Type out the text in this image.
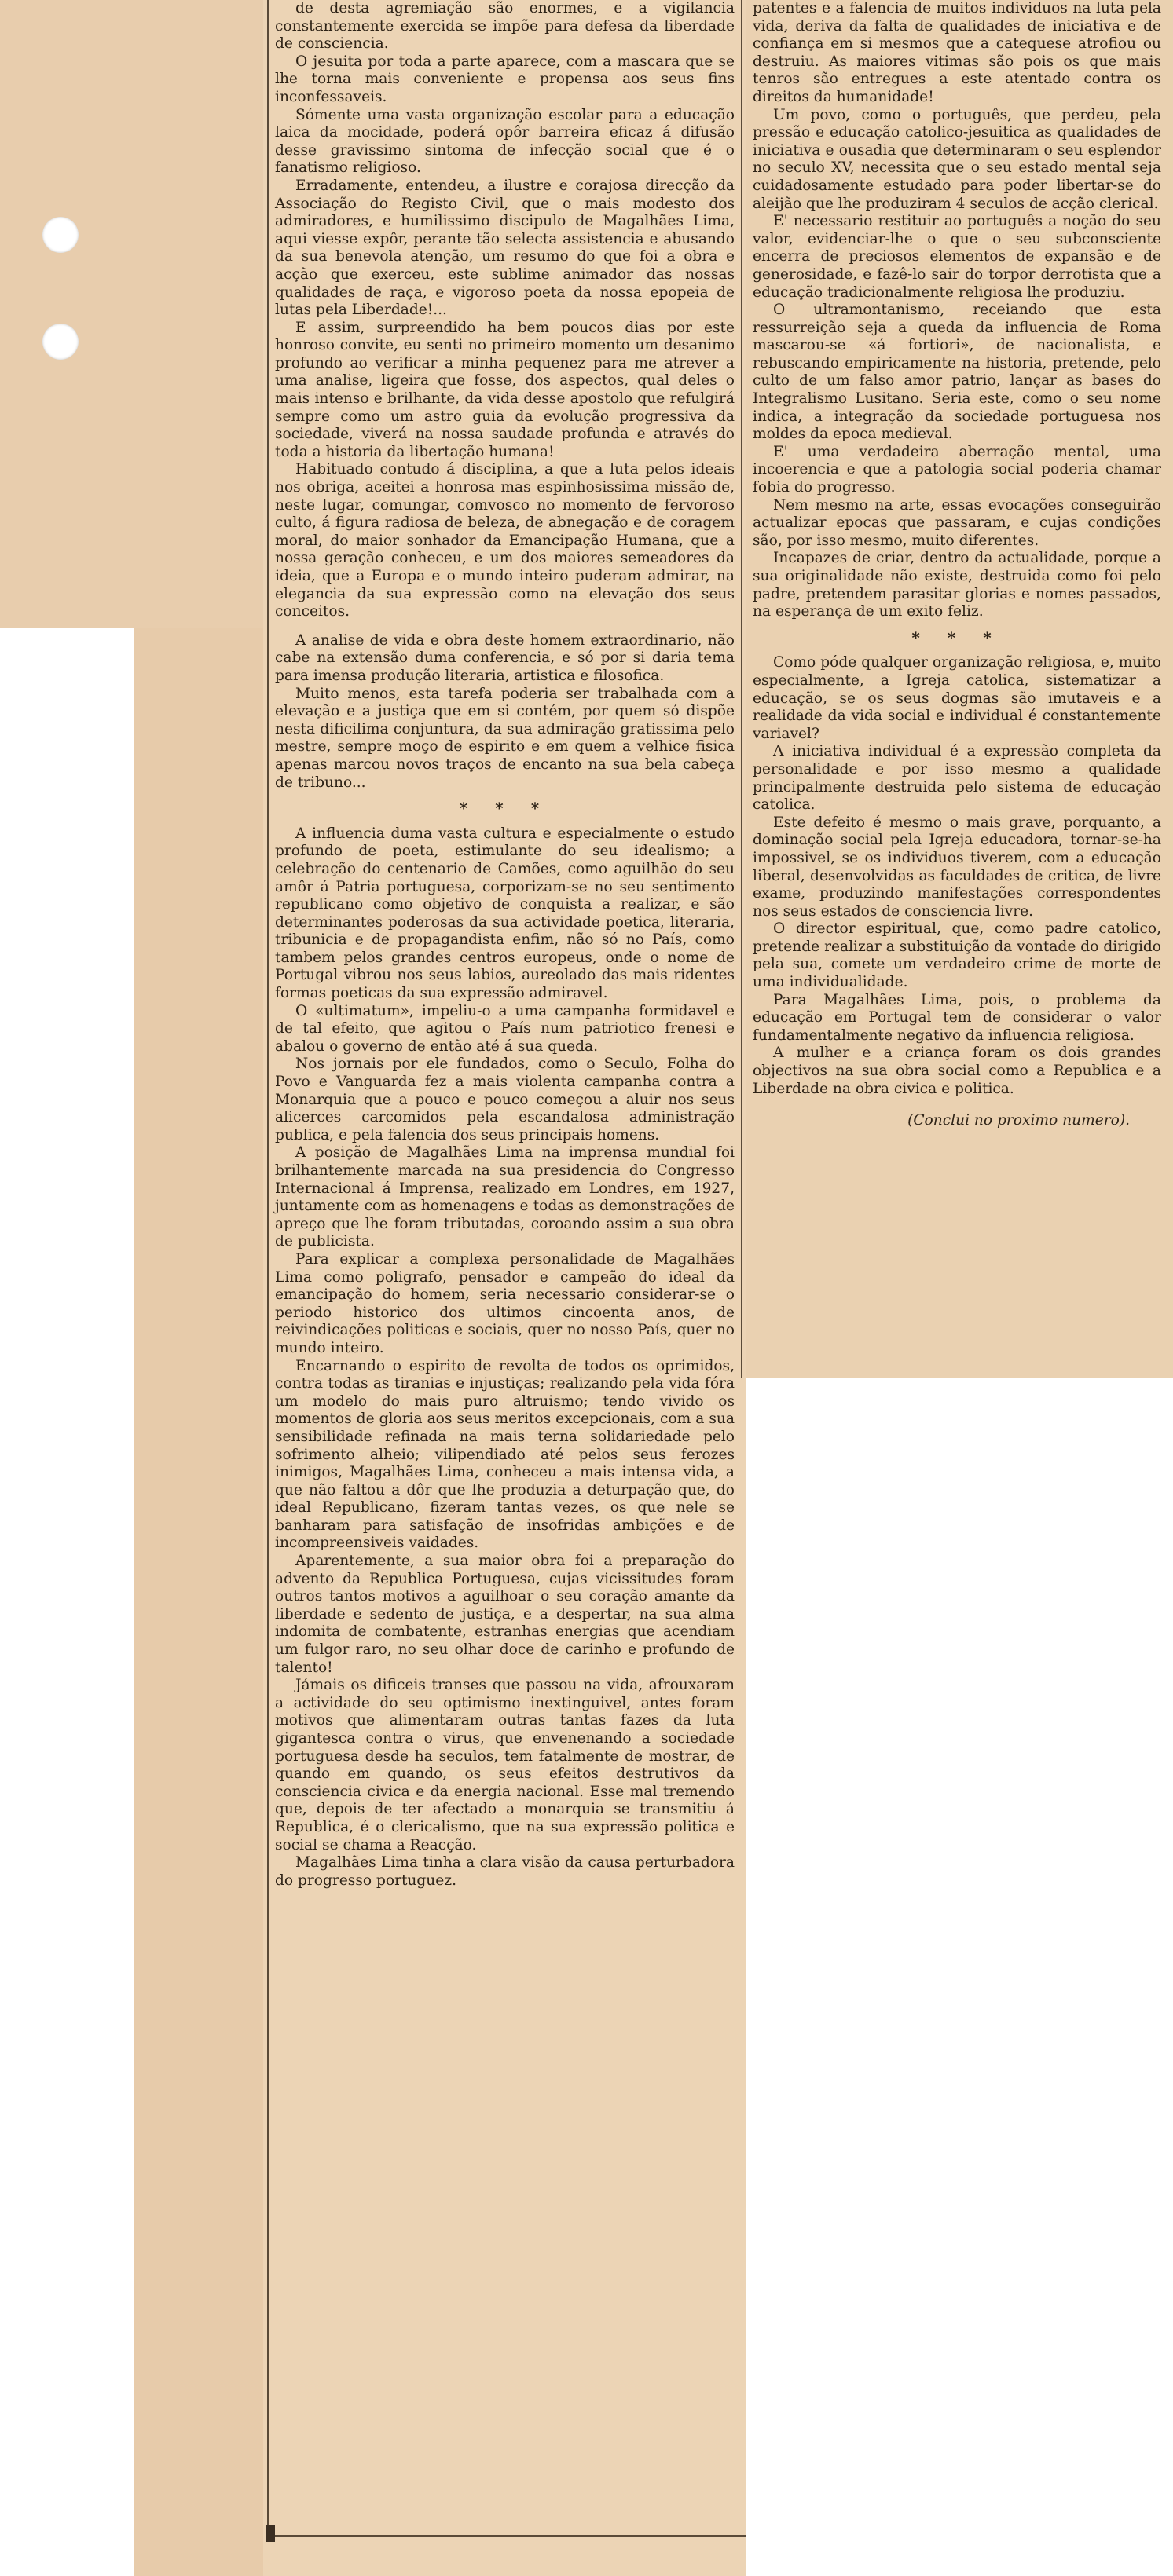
de desta agremiação são enormes, e a vigilancia constantemente exercida se impõe para defesa da liberdade de consciencia.

O jesuita por toda a parte aparece, com a mascara que se lhe torna mais conveniente e propensa aos seus fins inconfessaveis.

Sómente uma vasta organização escolar para a educação laica da mocidade, poderá opôr barreira eficaz á difusão desse gravissimo sintoma de infecção social que é o fanatismo religioso.

Erradamente, entendeu, a ilustre e corajosa direcção da Associação do Registo Civil, que o mais modesto dos admiradores, e humilissimo discipulo de Magalhães Lima, aqui viesse expôr, perante tão selecta assistencia e abusando da sua benevola atenção, um resumo do que foi a obra e acção que exerceu, este sublime animador das nossas qualidades de raça, e vigoroso poeta da nossa epopeia de lutas pela Liberdade!...

E assim, surpreendido ha bem poucos dias por este honroso convite, eu senti no primeiro momento um desanimo profundo ao verificar a minha pequenez para me atrever a uma analise, ligeira que fosse, dos aspectos, qual deles o mais intenso e brilhante, da vida desse apostolo que refulgirá sempre como um astro guia da evolução progressiva da sociedade, viverá na nossa saudade profunda e através do toda a historia da libertação humana!

Habituado contudo á disciplina, a que a luta pelos ideais nos obriga, aceitei a honrosa mas espinhosissima missão de, neste lugar, comungar, comvosco no momento de fervoroso culto, á figura radiosa de beleza, de abnegação e de coragem moral, do maior sonhador da Emancipação Humana, que a nossa geração conheceu, e um dos maiores semeadores da ideia, que a Europa e o mundo inteiro puderam admirar, na elegancia da sua expressão como na elevação dos seus conceitos.

A analise de vida e obra deste homem extraordinario, não cabe na extensão duma conferencia, e só por si daria tema para imensa produção literaria, artistica e filosofica.

Muito menos, esta tarefa poderia ser trabalhada com a elevação e a justiça que em si contém, por quem só dispõe nesta dificilima conjuntura, da sua admiração gratissima pelo mestre, sempre moço de espirito e em quem a velhice fisica apenas marcou novos traços de encanto na sua bela cabeça de tribuno...

* * *

A influencia duma vasta cultura e especialmente o estudo profundo de poeta, estimulante do seu idealismo; a celebração do centenario de Camões, como aguilhão do seu amôr á Patria portuguesa, corporizam-se no seu sentimento republicano como objetivo de conquista a realizar, e são determinantes poderosas da sua actividade poetica, literaria, tribunicia e de propagandista enfim, não só no País, como tambem pelos grandes centros europeus, onde o nome de Portugal vibrou nos seus labios, aureolado das mais ridentes formas poeticas da sua expressão admiravel.

O «ultimatum», impeliu-o a uma campanha formidavel e de tal efeito, que agitou o País num patriotico frenesi e abalou o governo de então até á sua queda.

Nos jornais por ele fundados, como o Seculo, Folha do Povo e Vanguarda fez a mais violenta campanha contra a Monarquia que a pouco e pouco começou a aluir nos seus alicerces carcomidos pela escandalosa administração publica, e pela falencia dos seus principais homens.

A posição de Magalhães Lima na imprensa mundial foi brilhantemente marcada na sua presidencia do Congresso Internacional á Imprensa, realizado em Londres, em 1927, juntamente com as homenagens e todas as demonstrações de apreço que lhe foram tributadas, coroando assim a sua obra de publicista.

Para explicar a complexa personalidade de Magalhães Lima como poligrafo, pensador e campeão do ideal da emancipação do homem, seria necessario considerar-se o periodo historico dos ultimos cincoenta anos, de reivindicações politicas e sociais, quer no nosso País, quer no mundo inteiro.

Encarnando o espirito de revolta de todos os oprimidos, contra todas as tiranias e injustiças; realizando pela vida fóra um modelo do mais puro altruismo; tendo vivido os momentos de gloria aos seus meritos excepcionais, com a sua sensibilidade refinada na mais terna solidariedade pelo sofrimento alheio; vilipendiado até pelos seus ferozes inimigos, Magalhães Lima, conheceu a mais intensa vida, a que não faltou a dôr que lhe produzia a deturpação que, do ideal Republicano, fizeram tantas vezes, os que nele se banharam para satisfação de insofridas ambições e de incompreensiveis vaidades.

Aparentemente, a sua maior obra foi a preparação do advento da Republica Portuguesa, cujas vicissitudes foram outros tantos motivos a aguilhoar o seu coração amante da liberdade e sedento de justiça, e a despertar, na sua alma indomita de combatente, estranhas energias que acendiam um fulgor raro, no seu olhar doce de carinho e profundo de talento!

Jámais os dificeis transes que passou na vida, afrouxaram a actividade do seu optimismo inextinguivel, antes foram motivos que alimentaram outras tantas fazes da luta gigantesca contra o virus, que envenenando a sociedade portuguesa desde ha seculos, tem fatalmente de mostrar, de quando em quando, os seus efeitos destrutivos da consciencia civica e da energia nacional. Esse mal tremendo que, depois de ter afectado a monarquia se transmitiu á Republica, é o clericalismo, que na sua expressão politica e social se chama a Reacção.

Magalhães Lima tinha a clara visão da causa perturbadora do progresso portuguez.

patentes e a falencia de muitos individuos na luta pela vida, deriva da falta de qualidades de iniciativa e de confiança em si mesmos que a catequese atrofiou ou destruiu. As maiores vitimas são pois os que mais tenros são entregues a este atentado contra os direitos da humanidade!

Um povo, como o português, que perdeu, pela pressão e educação catolico-jesuitica as qualidades de iniciativa e ousadia que determinaram o seu esplendor no seculo XV, necessita que o seu estado mental seja cuidadosamente estudado para poder libertar-se do aleijão que lhe produziram 4 seculos de acção clerical.

E' necessario restituir ao português a noção do seu valor, evidenciar-lhe o que o seu subconsciente encerra de preciosos elementos de expansão e de generosidade, e fazê-lo sair do torpor derrotista que a educação tradicionalmente religiosa lhe produziu.

O ultramontanismo, receiando que esta ressurreição seja a queda da influencia de Roma mascarou-se «á fortiori», de nacionalista, e rebuscando empiricamente na historia, pretende, pelo culto de um falso amor patrio, lançar as bases do Integralismo Lusitano. Seria este, como o seu nome indica, a integração da sociedade portuguesa nos moldes da epoca medieval.

E' uma verdadeira aberração mental, uma incoerencia e que a patologia social poderia chamar fobia do progresso.

Nem mesmo na arte, essas evocações conseguirão actualizar epocas que passaram, e cujas condições são, por isso mesmo, muito diferentes.

Incapazes de criar, dentro da actualidade, porque a sua originalidade não existe, destruida como foi pelo padre, pretendem parasitar glorias e nomes passados, na esperança de um exito feliz.

* * *

Como póde qualquer organização religiosa, e, muito especialmente, a Igreja catolica, sistematizar a educação, se os seus dogmas são imutaveis e a realidade da vida social e individual é constantemente variavel?

A iniciativa individual é a expressão completa da personalidade e por isso mesmo a qualidade principalmente destruida pelo sistema de educação catolica.

Este defeito é mesmo o mais grave, porquanto, a dominação social pela Igreja educadora, tornar-se-ha impossivel, se os individuos tiverem, com a educação liberal, desenvolvidas as faculdades de critica, de livre exame, produzindo manifestações correspondentes nos seus estados de consciencia livre.

O director espiritual, que, como padre catolico, pretende realizar a substituição da vontade do dirigido pela sua, comete um verdadeiro crime de morte de uma individualidade.

Para Magalhães Lima, pois, o problema da educação em Portugal tem de considerar o valor fundamentalmente negativo da influencia religiosa.

A mulher e a criança foram os dois grandes objectivos na sua obra social como a Republica e a Liberdade na obra civica e politica.

(Conclui no proximo numero).
